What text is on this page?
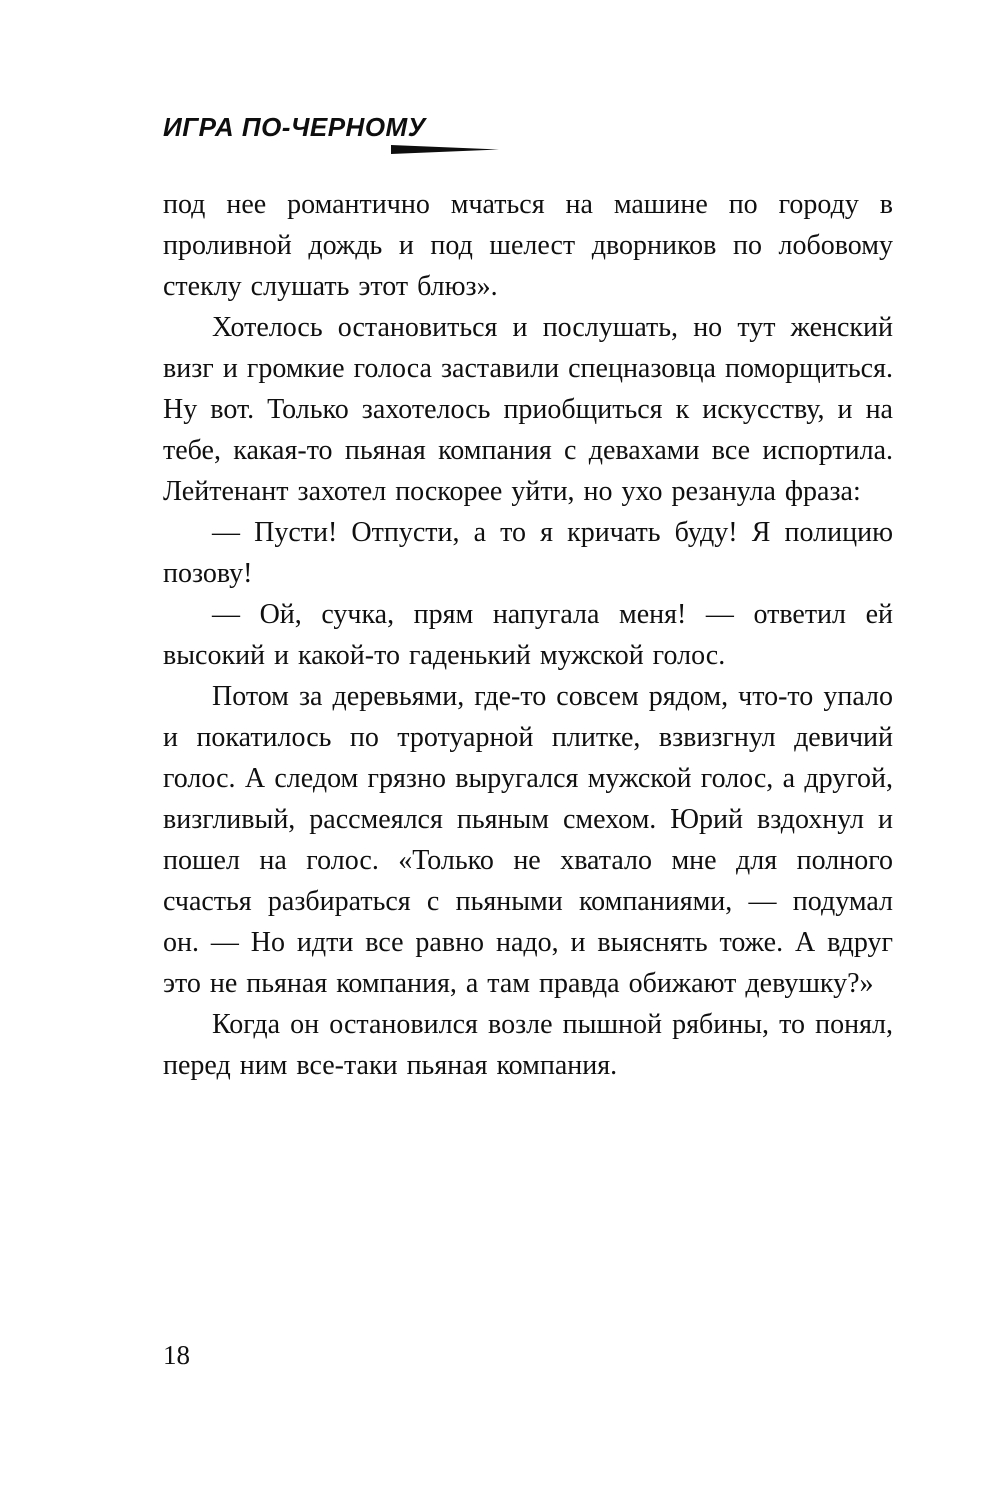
ИГРА ПО-ЧЕРНОМУ

под нее романтично мчаться на машине по городу в проливной дождь и под шелест дворников по лобовому стеклу слушать этот блюз».

Хотелось остановиться и послушать, но тут женский визг и громкие голоса заставили спецназовца поморщиться. Ну вот. Только захотелось приобщиться к искусству, и на тебе, какая-то пьяная компания с девахами все испортила. Лейтенант захотел поскорее уйти, но ухо резанула фраза:

— Пусти! Отпусти, а то я кричать буду! Я полицию позову!

— Ой, сучка, прям напугала меня! — ответил ей высокий и какой-то гаденький мужской голос.

Потом за деревьями, где-то совсем рядом, что-то упало и покатилось по тротуарной плитке, взвизгнул девичий голос. А следом грязно выругался мужской голос, а другой, визгливый, рассмеялся пьяным смехом. Юрий вздохнул и пошел на голос. «Только не хватало мне для полного счастья разбираться с пьяными компаниями, — подумал он. — Но идти все равно надо, и выяснять тоже. А вдруг это не пьяная компания, а там правда обижают девушку?»

Когда он остановился возле пышной рябины, то понял, перед ним все-таки пьяная компания.

18
